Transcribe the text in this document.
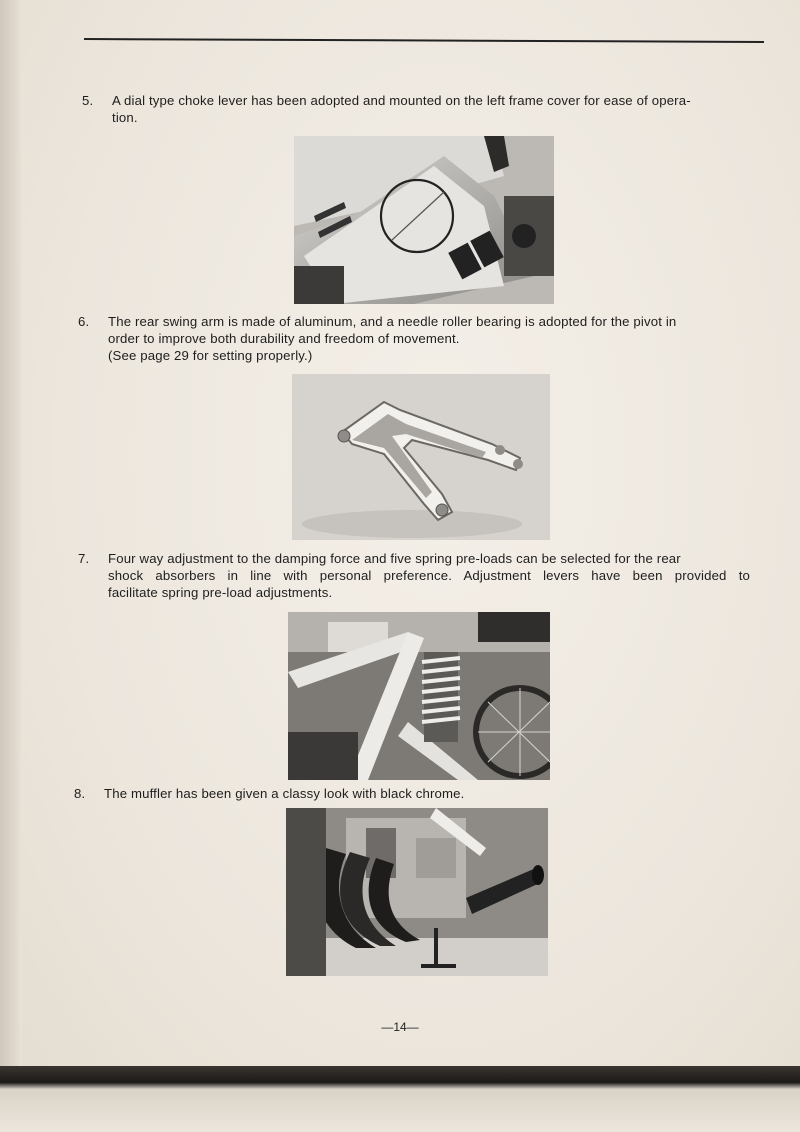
5. A dial type choke lever has been adopted and mounted on the left frame cover for ease of opera-

tion.

6. The rear swing arm is made of aluminum, and a needle roller bearing is adopted for the pivot in

order to improve both durability and freedom of movement.

(See page 29 for setting properly.)

7. Four way adjustment to the damping force and five spring pre-loads can be selected for the rear

shock absorbers in line with personal preference. Adjustment levers have been provided to

facilitate spring pre-load adjustments.

8. The muffler has been given a classy look with black chrome.

—14—
